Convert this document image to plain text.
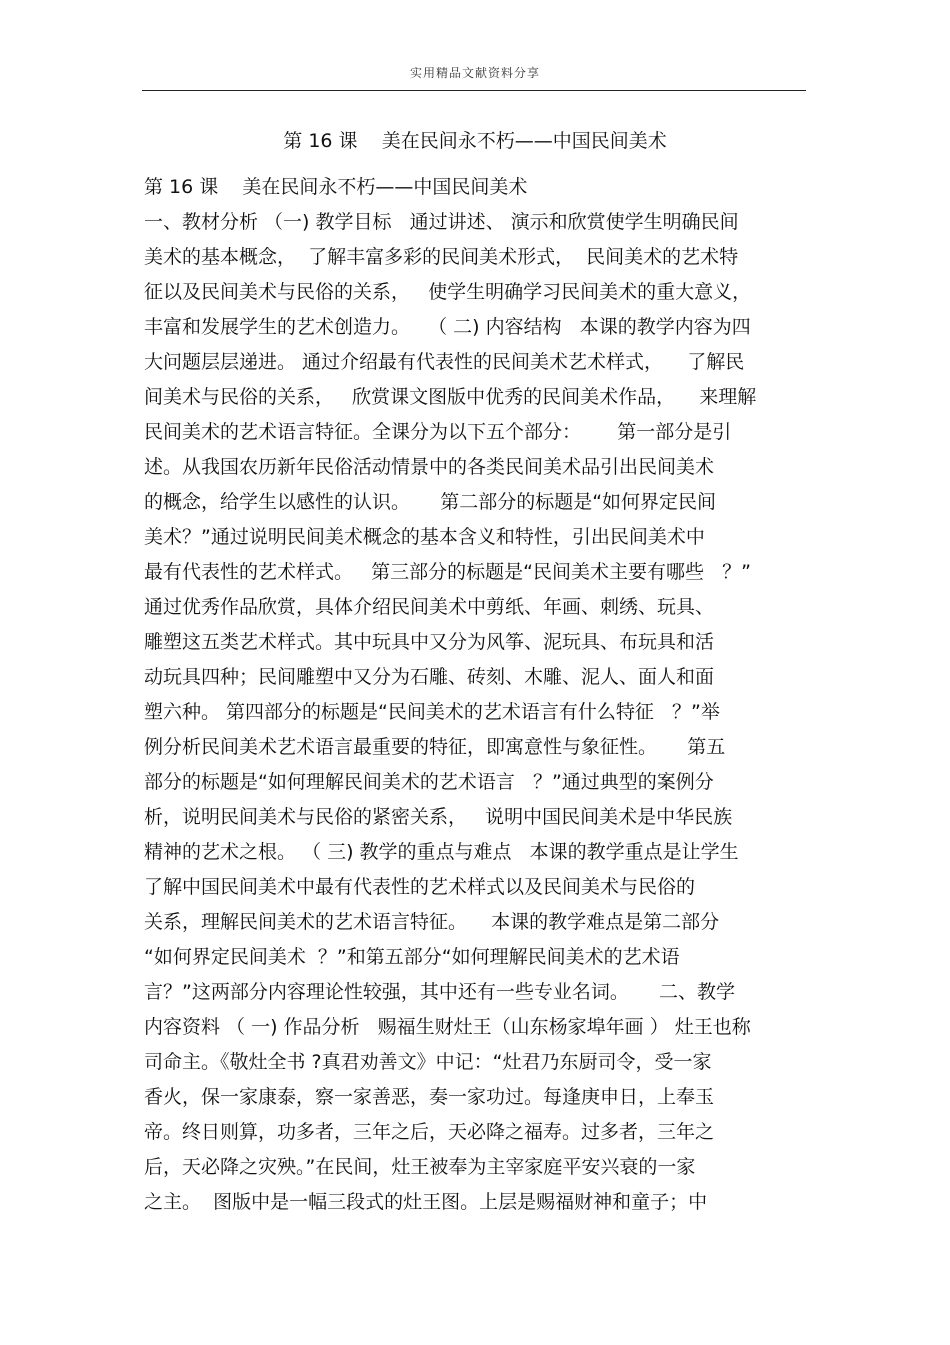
实用精品文献资料分享
第 16 课    美在民间永不朽——中国民间美术
第 16 课    美在民间永不朽——中国民间美术
一、教材分析 （一) 教学目标   通过讲述、 演示和欣赏使学生明确民间
美术的基本概念，  了解丰富多彩的民间美术形式，  民间美术的艺术特
征以及民间美术与民俗的关系，   使学生明确学习民间美术的重大意义，
丰富和发展学生的艺术创造力。   （ 二) 内容结构   本课的教学内容为四
大问题层层递进。 通过介绍最有代表性的民间美术艺术样式，    了解民
间美术与民俗的关系，   欣赏课文图版中优秀的民间美术作品，    来理解
民间美术的艺术语言特征。全课分为以下五个部分：      第一部分是引
述。从我国农历新年民俗活动情景中的各类民间美术品引出民间美术
的概念，给学生以感性的认识。     第二部分的标题是“如何界定民间
美术？”通过说明民间美术概念的基本含义和特性，引出民间美术中
最有代表性的艺术样式。   第三部分的标题是“民间美术主要有哪些   ？”
通过优秀作品欣赏，具体介绍民间美术中剪纸、年画、刺绣、玩具、
雕塑这五类艺术样式。其中玩具中又分为风筝、泥玩具、布玩具和活
动玩具四种；民间雕塑中又分为石雕、砖刻、木雕、泥人、面人和面
塑六种。 第四部分的标题是“民间美术的艺术语言有什么特征   ？”举
例分析民间美术艺术语言最重要的特征，即寓意性与象征性。     第五
部分的标题是“如何理解民间美术的艺术语言   ？”通过典型的案例分
析，说明民间美术与民俗的紧密关系，   说明中国民间美术是中华民族
精神的艺术之根。 （ 三) 教学的重点与难点   本课的教学重点是让学生
了解中国民间美术中最有代表性的艺术样式以及民间美术与民俗的
关系，理解民间美术的艺术语言特征。    本课的教学难点是第二部分
“如何界定民间美术  ？”和第五部分“如何理解民间美术的艺术语
言？”这两部分内容理论性较强，其中还有一些专业名词。     二、教学
内容资料 （ 一) 作品分析   赐福生财灶王（山东杨家埠年画 ） 灶王也称
司命主。《敬灶全书 ?真君劝善文》中记：“灶君乃东厨司令，受一家
香火，保一家康泰，察一家善恶，奏一家功过。每逢庚申日，上奉玉
帝。终日则算，功多者，三年之后，天必降之福寿。过多者，三年之
后，天必降之灾殃。”在民间，灶王被奉为主宰家庭平安兴衰的一家
之主。  图版中是一幅三段式的灶王图。上层是赐福财神和童子；中
